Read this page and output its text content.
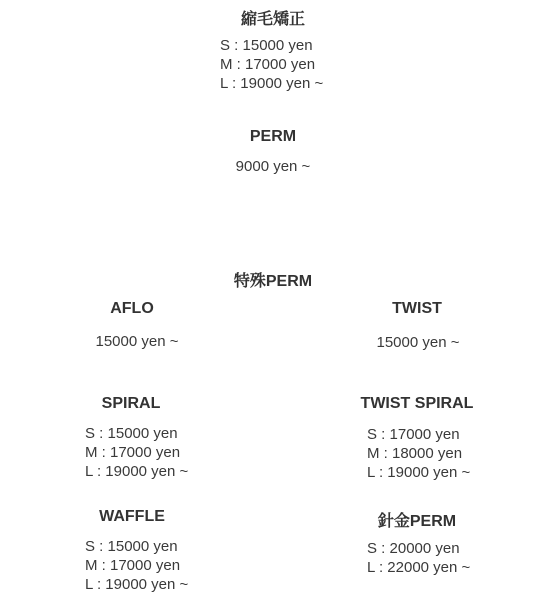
縮毛矯正
S : 15000 yen
M : 17000 yen
L : 19000 yen ~
PERM
9000 yen ~
特殊PERM
AFLO
15000 yen ~
TWIST
15000 yen ~
SPIRAL
S : 15000 yen
M : 17000 yen
L : 19000 yen ~
TWIST SPIRAL
S : 17000 yen
M : 18000 yen
L : 19000 yen ~
WAFFLE
S : 15000 yen
M : 17000 yen
L : 19000 yen ~
針金PERM
S : 20000 yen
L : 22000 yen ~
